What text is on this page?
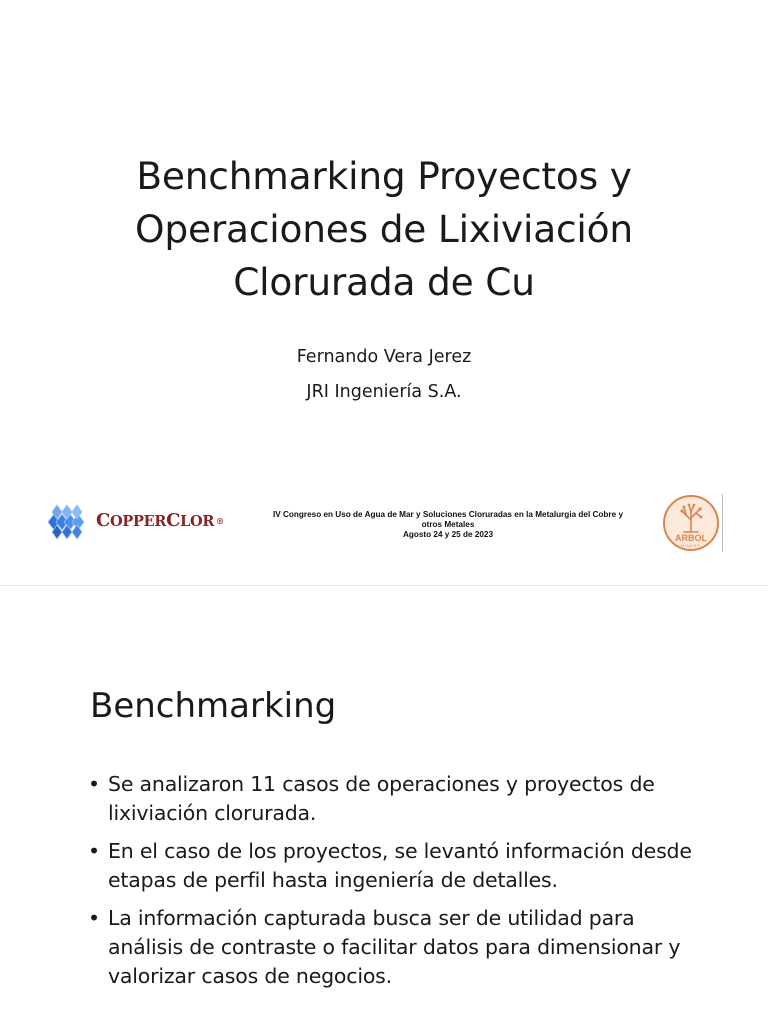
Benchmarking Proyectos y
Operaciones de Lixiviación
Clorurada de Cu
Fernando Vera Jerez
JRI Ingeniería S.A.
COPPERCLOR ®
IV Congreso en Uso de Agua de Mar y Soluciones Cloruradas en la Metalurgia del Cobre y
otros Metales
Agosto 24 y 25 de 2023	ARBOL
MINERO
Benchmarking
• Se analizaron 11 casos de operaciones y proyectos de lixiviación clorurada.
• En el caso de los proyectos, se levantó información desde etapas de perfil hasta ingeniería de detalles.
• La información capturada busca ser de utilidad para análisis de contraste o facilitar datos para dimensionar y valorizar casos de negocios.
